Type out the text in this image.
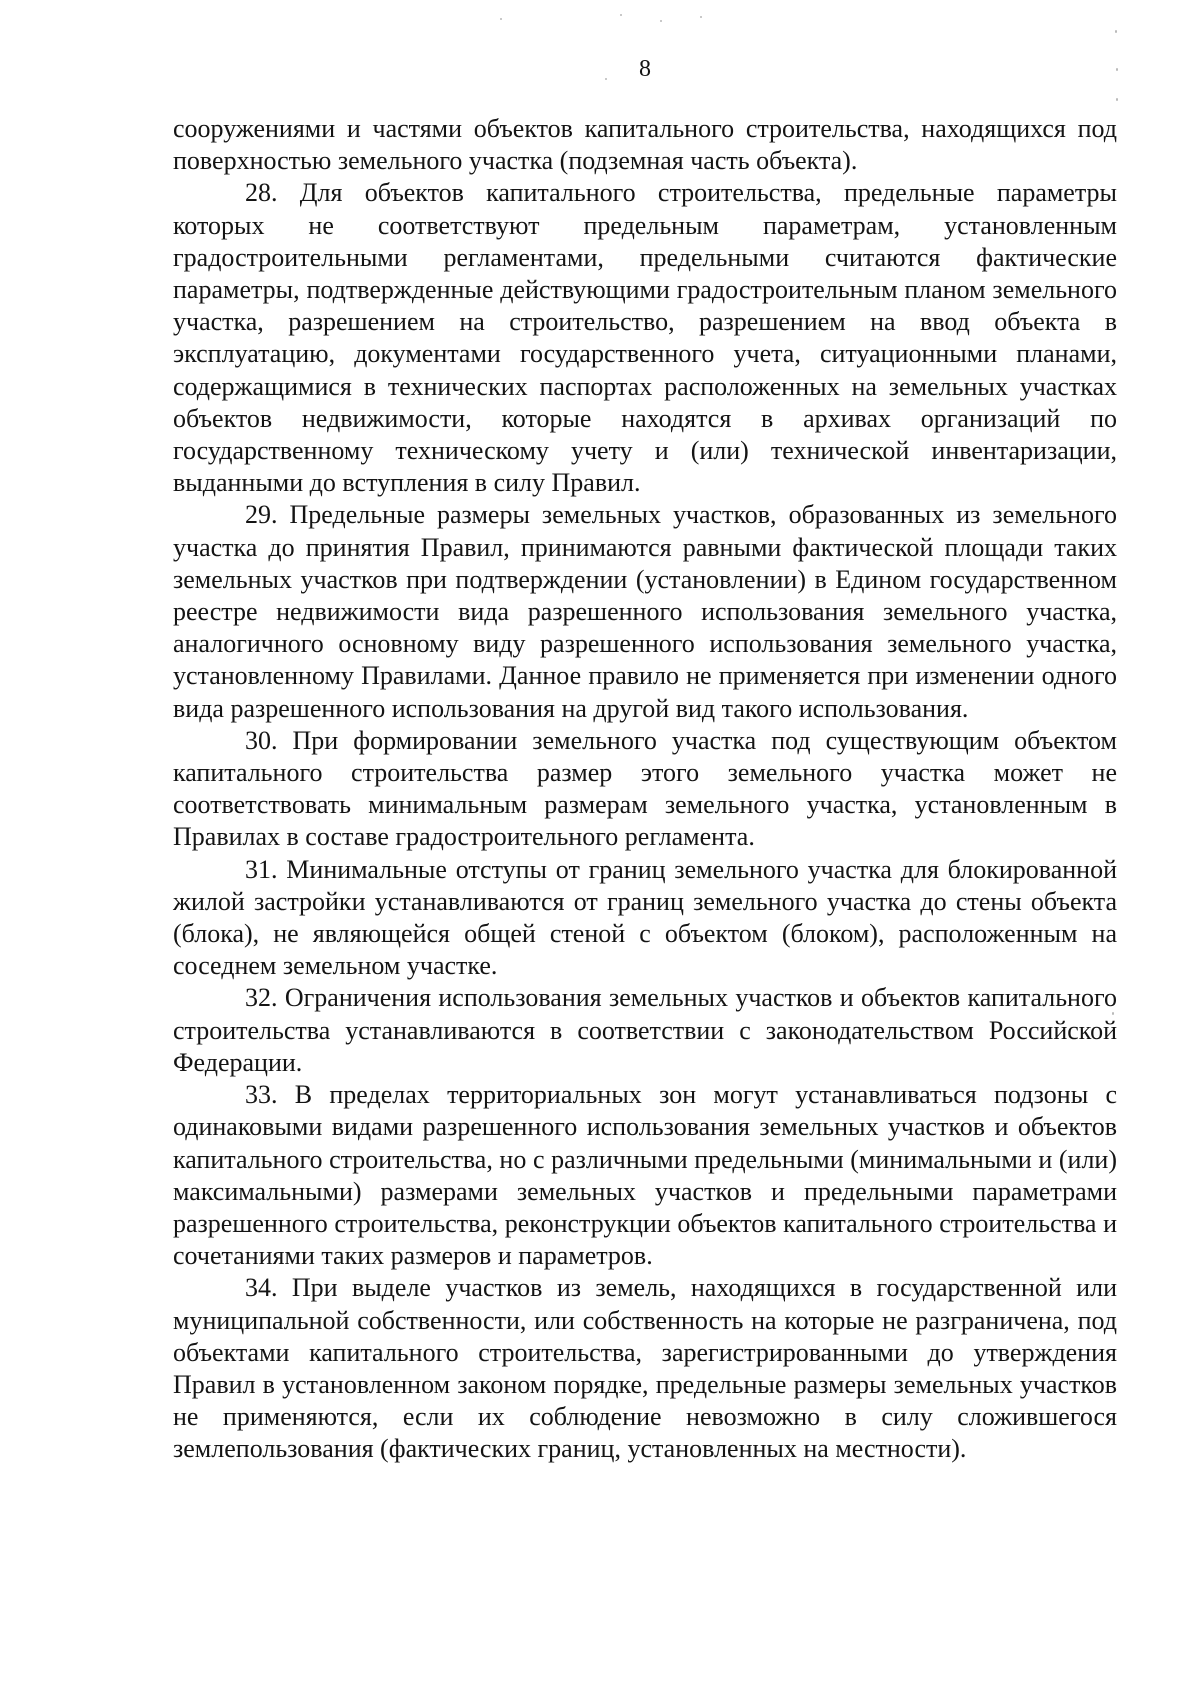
8

сооружениями и частями объектов капитального строительства, находящихся под поверхностью земельного участка (подземная часть объекта).

28. Для объектов капитального строительства, предельные параметры которых не соответствуют предельным параметрам, установленным градостроительными регламентами, предельными считаются фактические параметры, подтвержденные действующими градостроительным планом земельного участка, разрешением на строительство, разрешением на ввод объекта в эксплуатацию, документами государственного учета, ситуационными планами, содержащимися в технических паспортах расположенных на земельных участках объектов недвижимости, которые находятся в архивах организаций по государственному техническому учету и (или) технической инвентаризации, выданными до вступления в силу Правил.

29. Предельные размеры земельных участков, образованных из земельного участка до принятия Правил, принимаются равными фактической площади таких земельных участков при подтверждении (установлении) в Едином государственном реестре недвижимости вида разрешенного использования земельного участка, аналогичного основному виду разрешенного использования земельного участка, установленному Правилами. Данное правило не применяется при изменении одного вида разрешенного использования на другой вид такого использования.

30. При формировании земельного участка под существующим объектом капитального строительства размер этого земельного участка может не соответствовать минимальным размерам земельного участка, установленным в Правилах в составе градостроительного регламента.

31. Минимальные отступы от границ земельного участка для блокированной жилой застройки устанавливаются от границ земельного участка до стены объекта (блока), не являющейся общей стеной с объектом (блоком), расположенным на соседнем земельном участке.

32. Ограничения использования земельных участков и объектов капитального строительства устанавливаются в соответствии с законодательством Российской Федерации.

33. В пределах территориальных зон могут устанавливаться подзоны с одинаковыми видами разрешенного использования земельных участков и объектов капитального строительства, но с различными предельными (минимальными и (или) максимальными) размерами земельных участков и предельными параметрами разрешенного строительства, реконструкции объектов капитального строительства и сочетаниями таких размеров и параметров.

34. При выделе участков из земель, находящихся в государственной или муниципальной собственности, или собственность на которые не разграничена, под объектами капитального строительства, зарегистрированными до утверждения Правил в установленном законом порядке, предельные размеры земельных участков не применяются, если их соблюдение невозможно в силу сложившегося землепользования (фактических границ, установленных на местности).
